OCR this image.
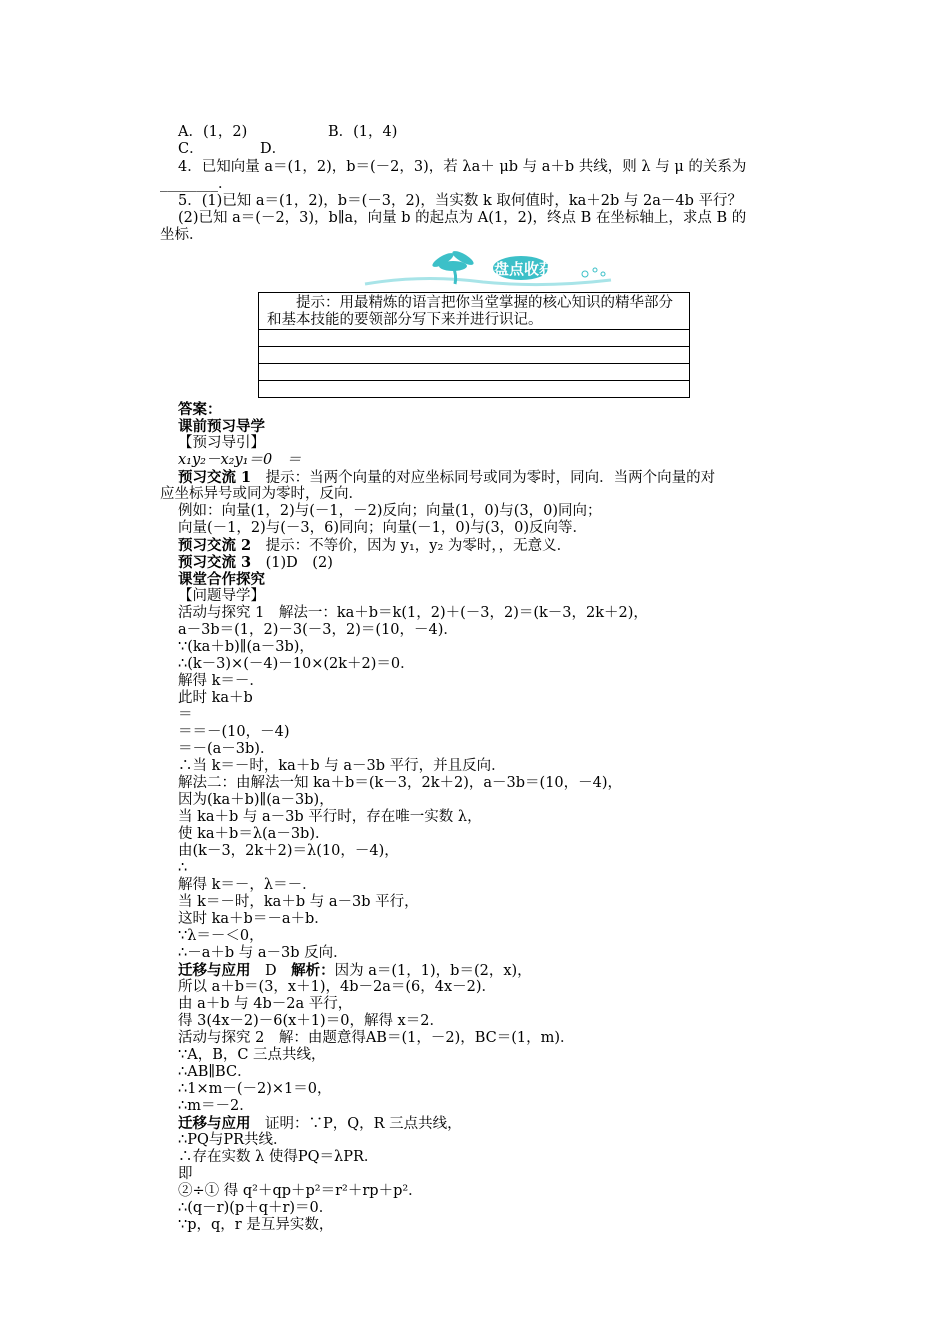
A．(1，2)	B．(1，4)
C．	D．
4．已知向量 a＝(1，2)，b＝(－2，3)，若 λa＋ μb 与 a＋b 共线，则 λ 与 μ 的关系为
________．
5．(1)已知 a＝(1，2)，b＝(－3，2)，当实数 k 取何值时，ka＋2b 与 2a－4b 平行？
(2)已知 a＝(－2，3)，b∥a，向量 b 的起点为 A(1，2)，终点 B 在坐标轴上，求点 B 的
坐标．
盘点收获
提示：用最精炼的语言把你当堂掌握的核心知识的精华部分和基本技能的要领部分写下来并进行识记。
答案：
课前预习导学
【预习导引】
x₁y₂－x₂y₁＝0　＝
预习交流 1　提示：当两个向量的对应坐标同号或同为零时，同向．当两个向量的对
应坐标异号或同为零时，反向．
例如：向量(1，2)与(－1，－2)反向；向量(1，0)与(3，0)同向；
向量(－1，2)与(－3，6)同向；向量(－1，0)与(3，0)反向等．
预习交流 2　提示：不等价，因为 y₁，y₂ 为零时，，无意义．
预习交流 3　(1)D　(2)
课堂合作探究
【问题导学】
活动与探究 1　解法一：ka＋b＝k(1，2)＋(－3，2)＝(k－3，2k＋2)，
a－3b＝(1，2)－3(－3，2)＝(10，－4)．
∵(ka＋b)∥(a－3b)，
∴(k－3)×(－4)－10×(2k＋2)＝0．
解得 k＝－．
此时 ka＋b
＝
＝＝－(10，－4)
＝－(a－3b)．
∴当 k＝－时，ka＋b 与 a－3b 平行，并且反向．
解法二：由解法一知 ka＋b＝(k－3，2k＋2)，a－3b＝(10，－4)，
因为(ka＋b)∥(a－3b)，
当 ka＋b 与 a－3b 平行时，存在唯一实数 λ，
使 ka＋b＝λ(a－3b)．
由(k－3，2k＋2)＝λ(10，－4)，
∴
解得 k＝－，λ＝－．
当 k＝－时，ka＋b 与 a－3b 平行，
这时 ka＋b＝－a＋b．
∵λ＝－＜0，
∴－a＋b 与 a－3b 反向．
迁移与应用　D　解析：因为 a＝(1，1)，b＝(2，x)，
所以 a＋b＝(3，x＋1)，4b－2a＝(6，4x－2)．
由 a＋b 与 4b－2a 平行，
得 3(4x－2)－6(x＋1)＝0，解得 x＝2．
活动与探究 2　解：由题意得AB＝(1，－2)，BC＝(1，m)．
∵A，B，C 三点共线，
∴AB∥BC．
∴1×m－(－2)×1＝0，
∴m＝－2．
迁移与应用　证明：∵P，Q，R 三点共线，
∴PQ与PR共线．
∴存在实数 λ 使得PQ＝λPR．
即
②÷① 得 q²＋qp＋p²＝r²＋rp＋p²．
∴(q－r)(p＋q＋r)＝0．
∵p，q，r 是互异实数，
